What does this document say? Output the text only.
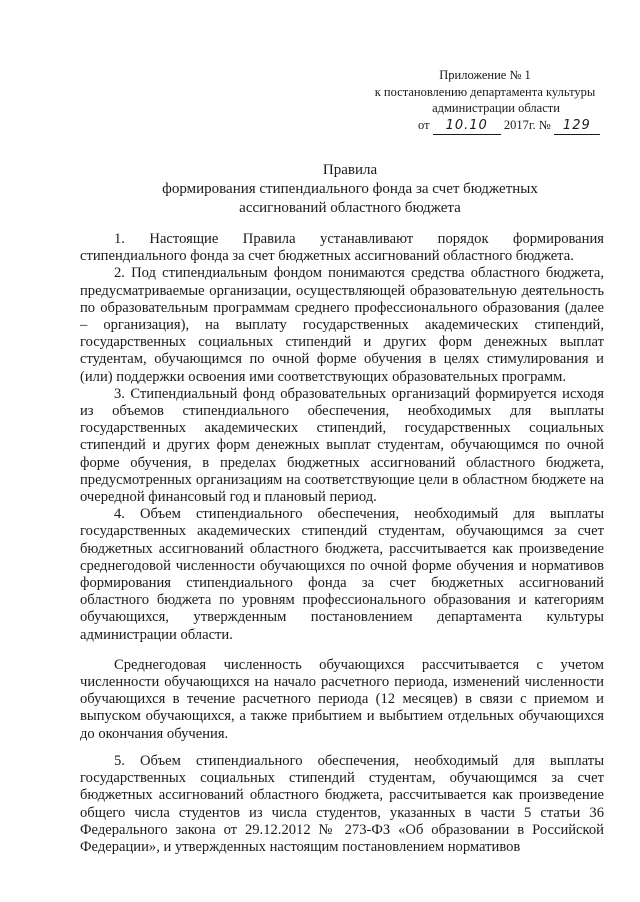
Приложение № 1
к постановлению департамента культуры
администрации области
от 10.10 2017г. № 129
Правила
формирования стипендиального фонда за счет бюджетных
ассигнований областного бюджета

1. Настоящие Правила устанавливают порядок формирования стипендиального фонда за счет бюджетных ассигнований областного бюджета.

2. Под стипендиальным фондом понимаются средства областного бюджета, предусматриваемые организации, осуществляющей образовательную деятельность по образовательным программам среднего профессионального образования (далее – организация), на выплату государственных академических стипендий, государственных социальных стипендий и других форм денежных выплат студентам, обучающимся по очной форме обучения в целях стимулирования и (или) поддержки освоения ими соответствующих образовательных программ.

3. Стипендиальный фонд образовательных организаций формируется исходя из объемов стипендиального обеспечения, необходимых для выплаты государственных академических стипендий, государственных социальных стипендий и других форм денежных выплат студентам, обучающимся по очной форме обучения, в пределах бюджетных ассигнований областного бюджета, предусмотренных организациям на соответствующие цели в областном бюджете на очередной финансовый год и плановый период.

4. Объем стипендиального обеспечения, необходимый для выплаты государственных академических стипендий студентам, обучающимся за счет бюджетных ассигнований областного бюджета, рассчитывается как произведение среднегодовой численности обучающихся по очной форме обучения и нормативов формирования стипендиального фонда за счет бюджетных ассигнований областного бюджета по уровням профессионального образования и категориям обучающихся, утвержденным постановлением департамента культуры администрации области.

Среднегодовая численность обучающихся рассчитывается с учетом численности обучающихся на начало расчетного периода, изменений численности обучающихся в течение расчетного периода (12 месяцев) в связи с приемом и выпуском обучающихся, а также прибытием и выбытием отдельных обучающихся до окончания обучения.

5. Объем стипендиального обеспечения, необходимый для выплаты государственных социальных стипендий студентам, обучающимся за счет бюджетных ассигнований областного бюджета, рассчитывается как произведение общего числа студентов из числа студентов, указанных в части 5 статьи 36 Федерального закона от 29.12.2012 № 273-ФЗ «Об образовании в Российской Федерации», и утвержденных настоящим постановлением нормативов
